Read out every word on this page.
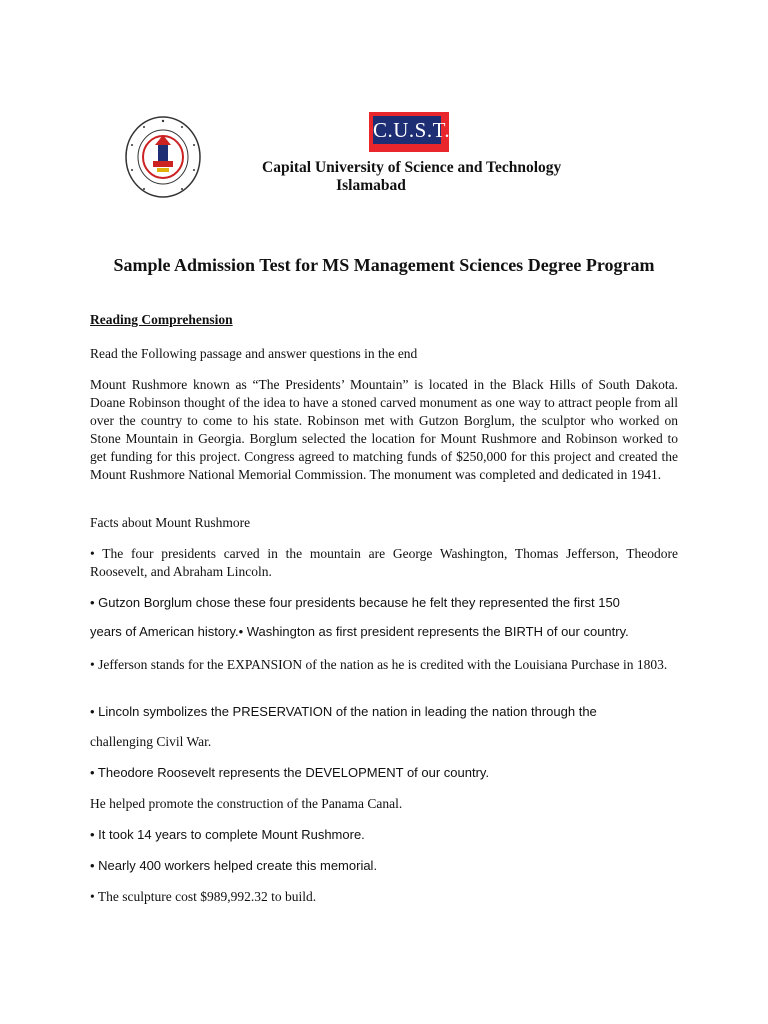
C.U.S.T.
Capital University of Science and Technology
Islamabad
Sample Admission Test for MS Management Sciences Degree Program
Reading Comprehension
Read the Following passage and answer questions in the end
Mount Rushmore known as “The Presidents’ Mountain” is located in the Black Hills of South Dakota. Doane Robinson thought of the idea to have a stoned carved monument as one way to attract people from all over the country to come to his state. Robinson met with Gutzon Borglum, the sculptor who worked on Stone Mountain in Georgia. Borglum selected the location for Mount Rushmore and Robinson worked to get funding for this project. Congress agreed to matching funds of $250,000 for this project and created the Mount Rushmore National Memorial Commission. The monument was completed and dedicated in 1941.
Facts about Mount Rushmore
• The four presidents carved in the mountain are George Washington, Thomas Jefferson, Theodore Roosevelt, and Abraham Lincoln.
• Gutzon Borglum chose these four presidents because he felt they represented the first 150
years of American history.• Washington as first president represents the BIRTH of our country.
• Jefferson stands for the EXPANSION of the nation as he is credited with the Louisiana Purchase in 1803.
• Lincoln symbolizes the PRESERVATION of the nation in leading the nation through the
challenging Civil War.
• Theodore Roosevelt represents the DEVELOPMENT of our country.
He helped promote the construction of the Panama Canal.
• It took 14 years to complete Mount Rushmore.
• Nearly 400 workers helped create this memorial.
• The sculpture cost $989,992.32 to build.
